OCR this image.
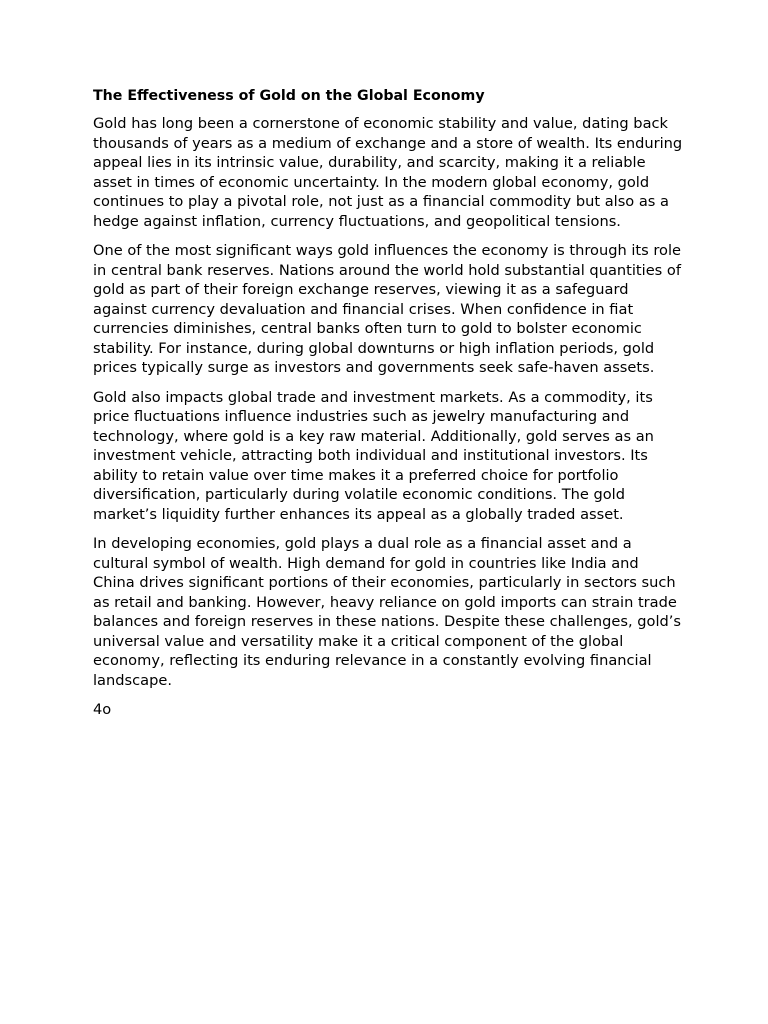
The Effectiveness of Gold on the Global Economy

Gold has long been a cornerstone of economic stability and value, dating back thousands of years as a medium of exchange and a store of wealth. Its enduring appeal lies in its intrinsic value, durability, and scarcity, making it a reliable asset in times of economic uncertainty. In the modern global economy, gold continues to play a pivotal role, not just as a financial commodity but also as a hedge against inflation, currency fluctuations, and geopolitical tensions.

One of the most significant ways gold influences the economy is through its role in central bank reserves. Nations around the world hold substantial quantities of gold as part of their foreign exchange reserves, viewing it as a safeguard against currency devaluation and financial crises. When confidence in fiat currencies diminishes, central banks often turn to gold to bolster economic stability. For instance, during global downturns or high inflation periods, gold prices typically surge as investors and governments seek safe-haven assets.

Gold also impacts global trade and investment markets. As a commodity, its price fluctuations influence industries such as jewelry manufacturing and technology, where gold is a key raw material. Additionally, gold serves as an investment vehicle, attracting both individual and institutional investors. Its ability to retain value over time makes it a preferred choice for portfolio diversification, particularly during volatile economic conditions. The gold market’s liquidity further enhances its appeal as a globally traded asset.

In developing economies, gold plays a dual role as a financial asset and a cultural symbol of wealth. High demand for gold in countries like India and China drives significant portions of their economies, particularly in sectors such as retail and banking. However, heavy reliance on gold imports can strain trade balances and foreign reserves in these nations. Despite these challenges, gold’s universal value and versatility make it a critical component of the global economy, reflecting its enduring relevance in a constantly evolving financial landscape.

4o
